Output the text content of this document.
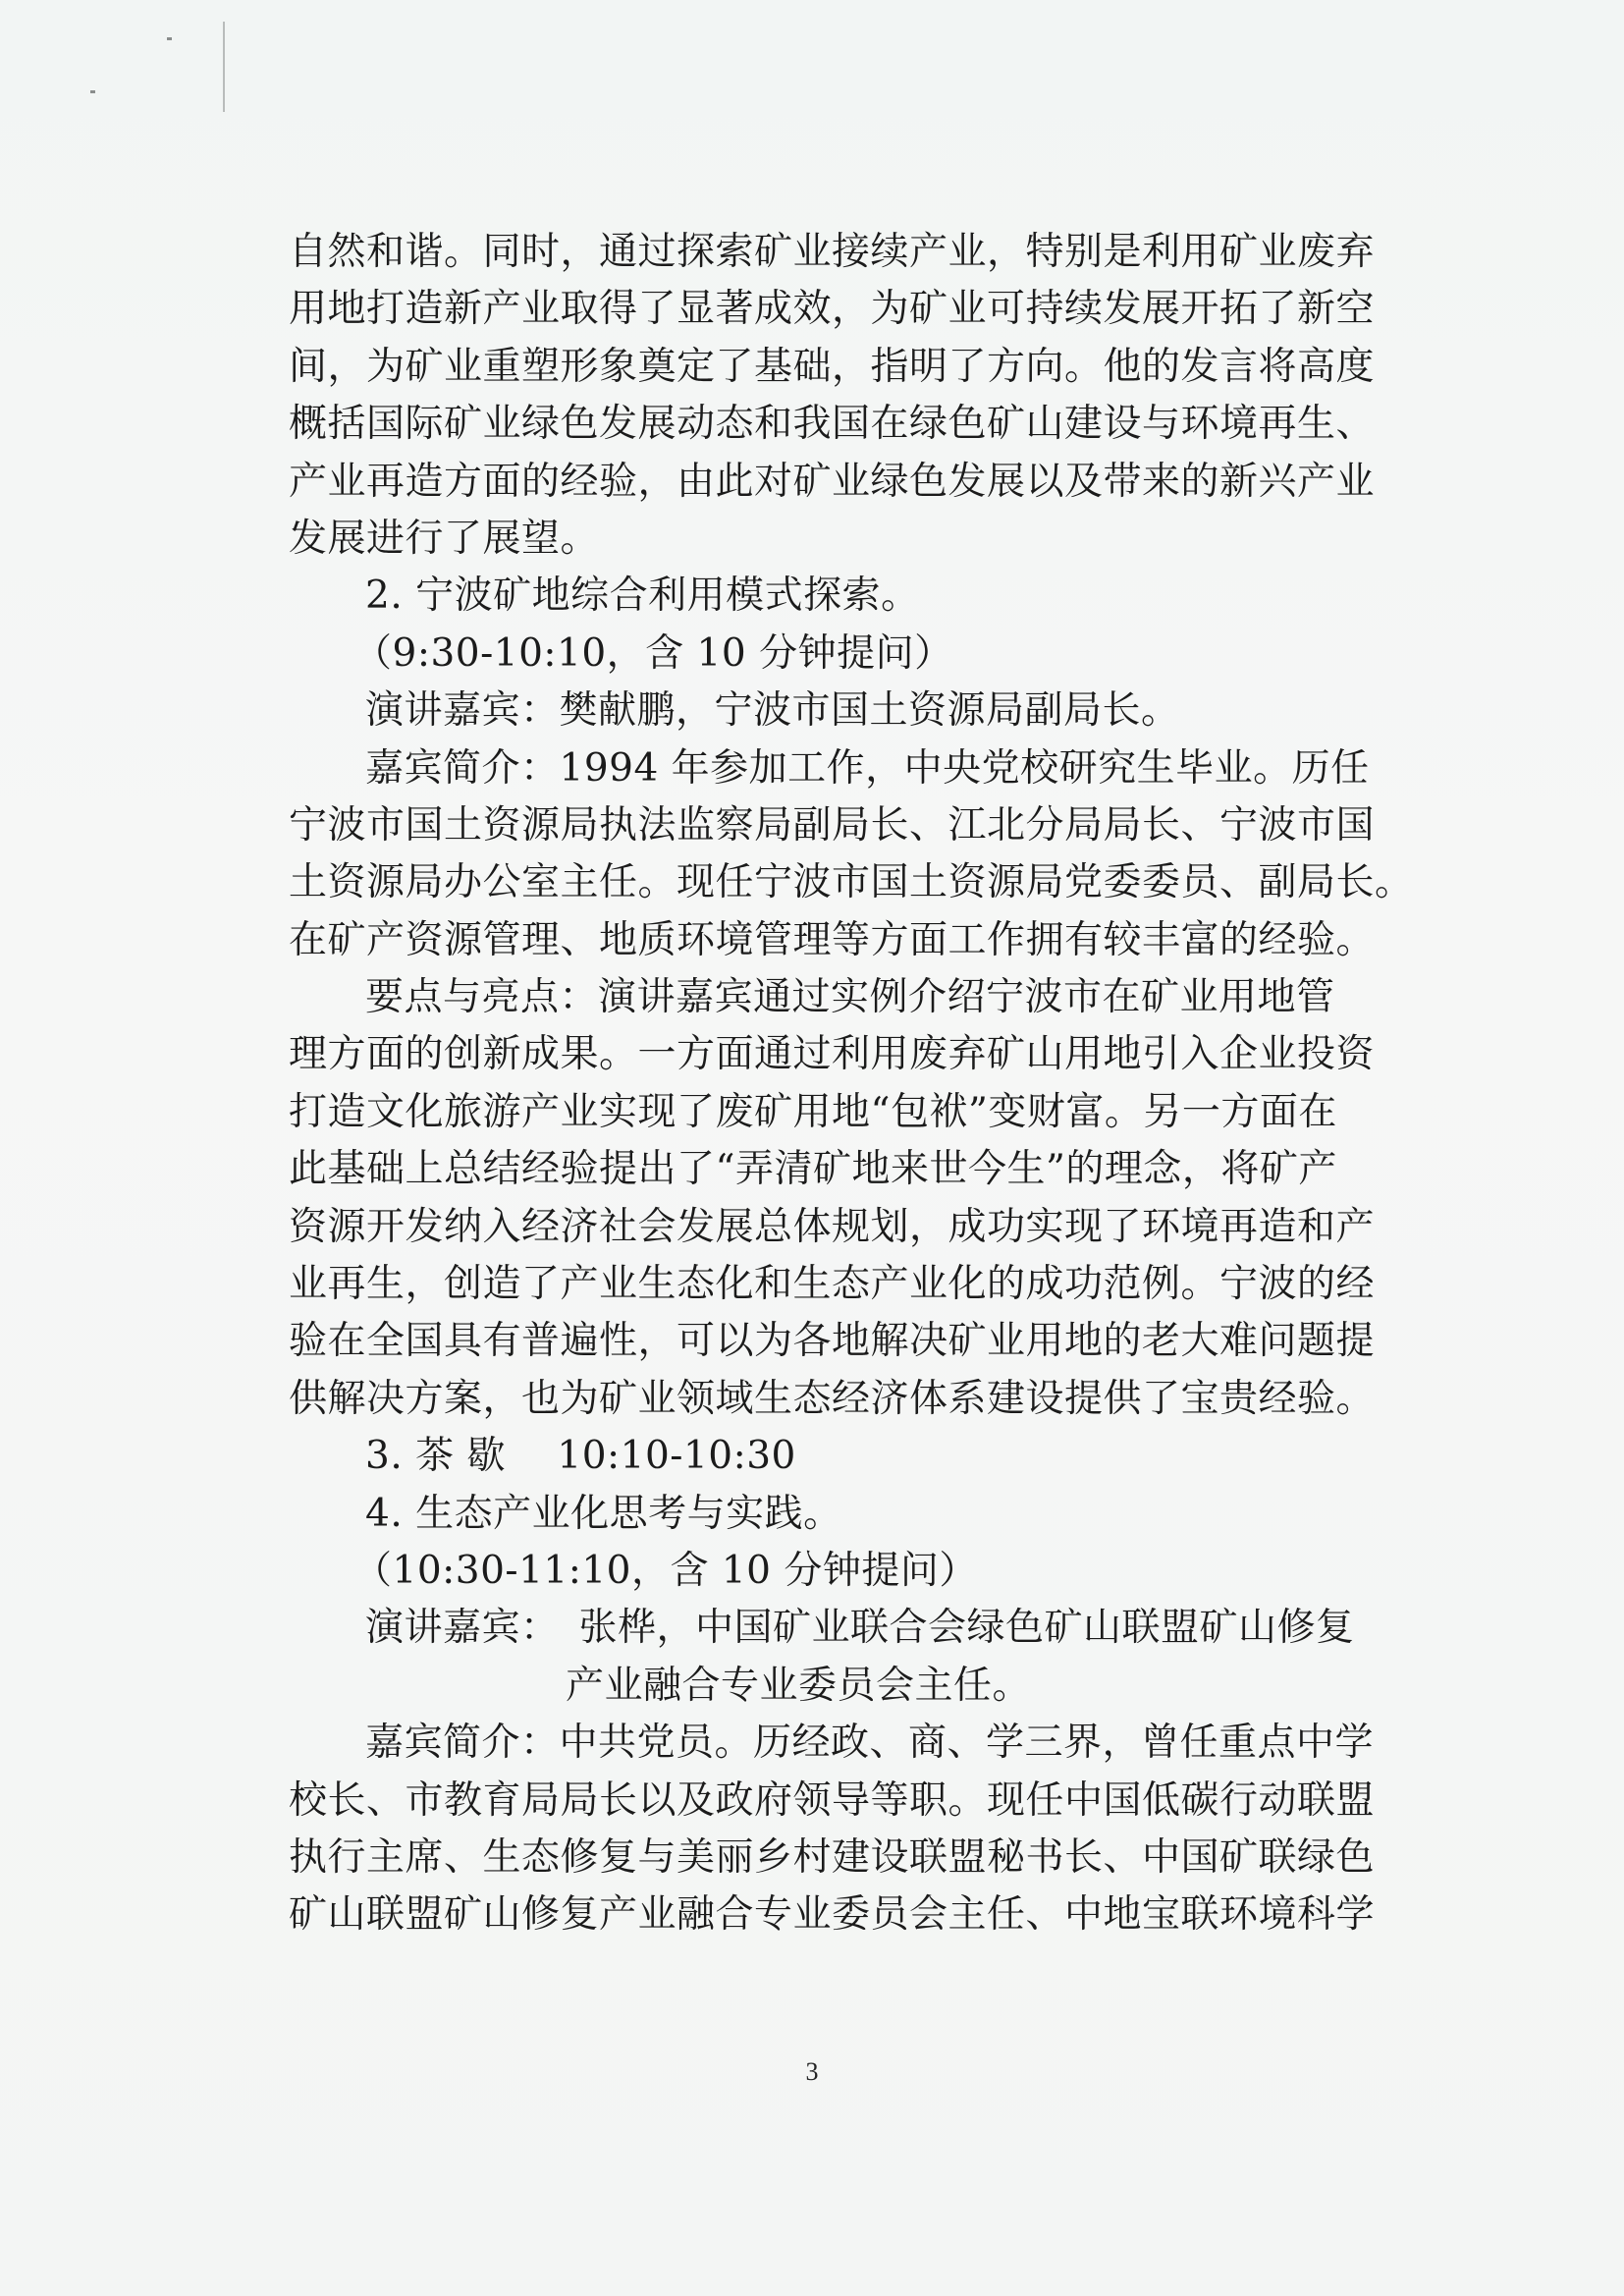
自然和谐。同时，通过探索矿业接续产业，特别是利用矿业废弃
用地打造新产业取得了显著成效，为矿业可持续发展开拓了新空
间，为矿业重塑形象奠定了基础，指明了方向。他的发言将高度
概括国际矿业绿色发展动态和我国在绿色矿山建设与环境再生、
产业再造方面的经验，由此对矿业绿色发展以及带来的新兴产业
发展进行了展望。
2. 宁波矿地综合利用模式探索。
（9:30-10:10，含 10 分钟提问）
演讲嘉宾：樊献鹏，宁波市国土资源局副局长。
嘉宾简介：1994 年参加工作，中央党校研究生毕业。历任
宁波市国土资源局执法监察局副局长、江北分局局长、宁波市国
土资源局办公室主任。现任宁波市国土资源局党委委员、副局长。
在矿产资源管理、地质环境管理等方面工作拥有较丰富的经验。
要点与亮点：演讲嘉宾通过实例介绍宁波市在矿业用地管
理方面的创新成果。一方面通过利用废弃矿山用地引入企业投资
打造文化旅游产业实现了废矿用地“包袱”变财富。另一方面在
此基础上总结经验提出了“弄清矿地来世今生”的理念，将矿产
资源开发纳入经济社会发展总体规划，成功实现了环境再造和产
业再生，创造了产业生态化和生态产业化的成功范例。宁波的经
验在全国具有普遍性，可以为各地解决矿业用地的老大难问题提
供解决方案，也为矿业领域生态经济体系建设提供了宝贵经验。
3. 茶 歇　 10:10-10:30
4. 生态产业化思考与实践。
（10:30-11:10，含 10 分钟提问）
演讲嘉宾：　张桦，中国矿业联合会绿色矿山联盟矿山修复
产业融合专业委员会主任。
嘉宾简介：中共党员。历经政、商、学三界，曾任重点中学
校长、市教育局局长以及政府领导等职。现任中国低碳行动联盟
执行主席、生态修复与美丽乡村建设联盟秘书长、中国矿联绿色
矿山联盟矿山修复产业融合专业委员会主任、中地宝联环境科学
3
